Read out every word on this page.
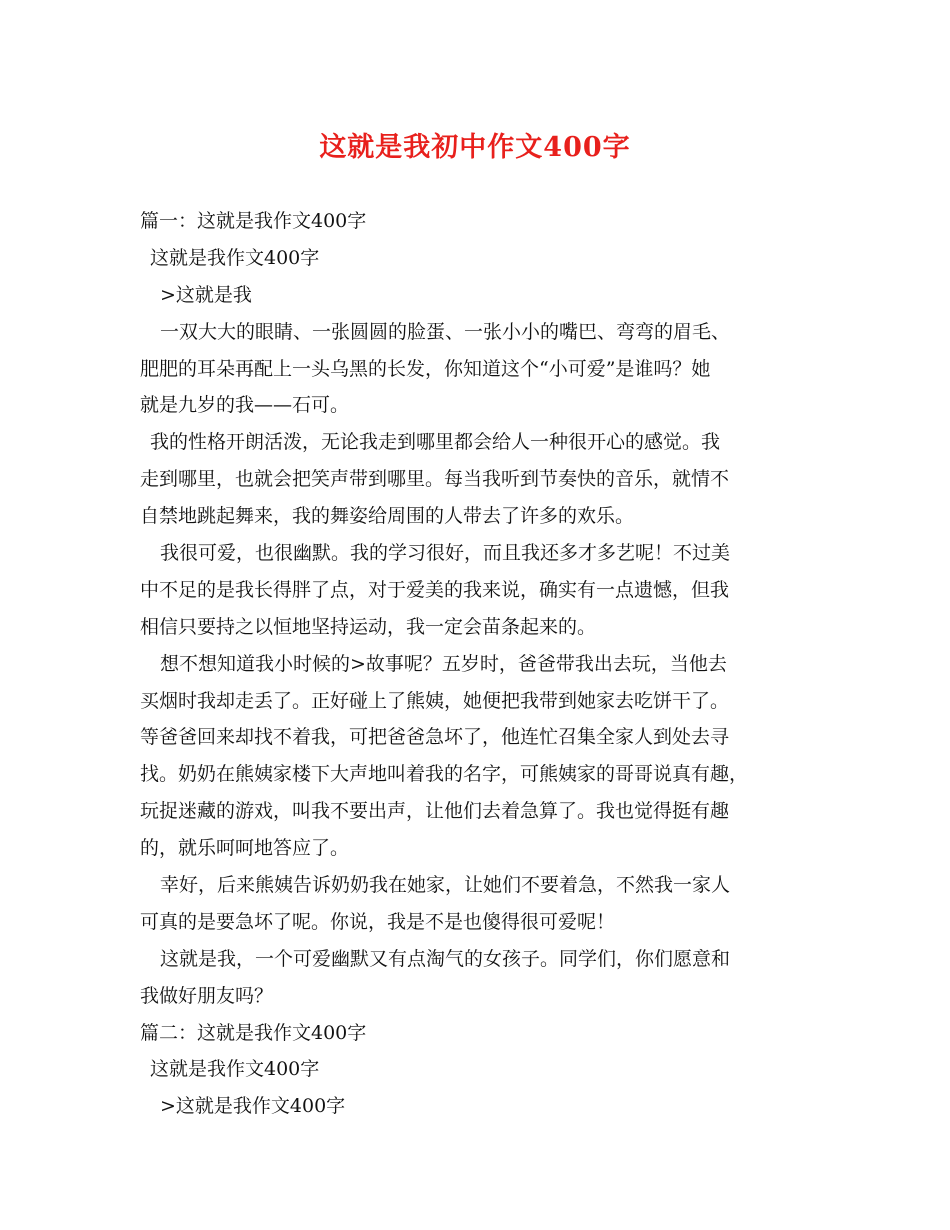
这就是我初中作文400字
篇一：这就是我作文400字
这就是我作文400字
>这就是我
一双大大的眼睛、一张圆圆的脸蛋、一张小小的嘴巴、弯弯的眉毛、
肥肥的耳朵再配上一头乌黑的长发，你知道这个“小可爱”是谁吗？她
就是九岁的我——石可。
我的性格开朗活泼，无论我走到哪里都会给人一种很开心的感觉。我
走到哪里，也就会把笑声带到哪里。每当我听到节奏快的音乐，就情不
自禁地跳起舞来，我的舞姿给周围的人带去了许多的欢乐。
我很可爱，也很幽默。我的学习很好，而且我还多才多艺呢！不过美
中不足的是我长得胖了点，对于爱美的我来说，确实有一点遗憾，但我
相信只要持之以恒地坚持运动，我一定会苗条起来的。
想不想知道我小时候的>故事呢？五岁时，爸爸带我出去玩，当他去
买烟时我却走丢了。正好碰上了熊姨，她便把我带到她家去吃饼干了。
等爸爸回来却找不着我，可把爸爸急坏了，他连忙召集全家人到处去寻
找。奶奶在熊姨家楼下大声地叫着我的名字，可熊姨家的哥哥说真有趣，
玩捉迷藏的游戏，叫我不要出声，让他们去着急算了。我也觉得挺有趣
的，就乐呵呵地答应了。
幸好，后来熊姨告诉奶奶我在她家，让她们不要着急，不然我一家人
可真的是要急坏了呢。你说，我是不是也傻得很可爱呢！
这就是我，一个可爱幽默又有点淘气的女孩子。同学们，你们愿意和
我做好朋友吗？
篇二：这就是我作文400字
这就是我作文400字
>这就是我作文400字
